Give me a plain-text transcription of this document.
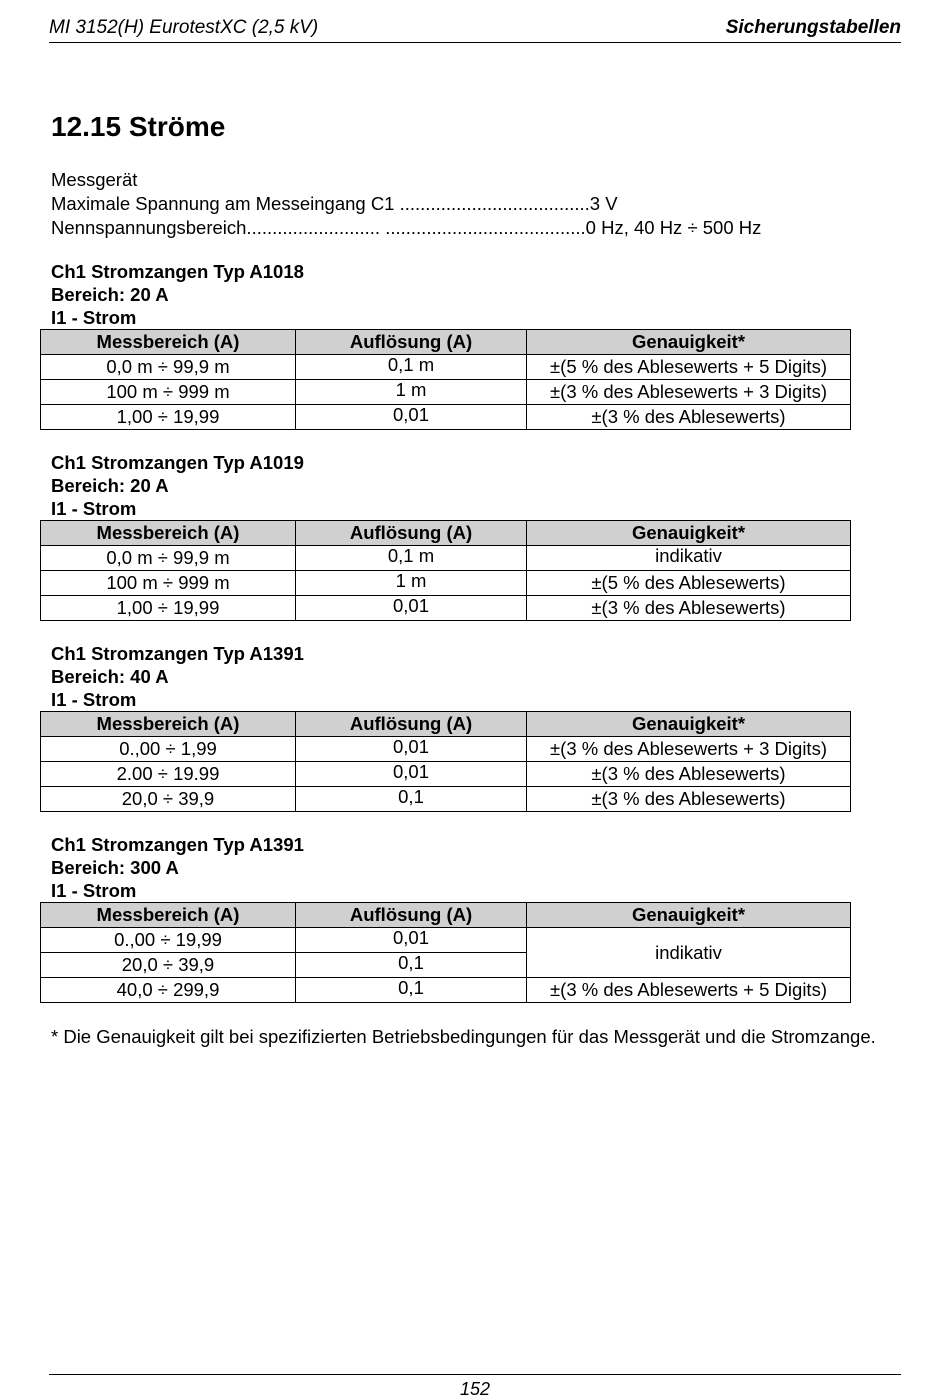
MI 3152(H) EurotestXC (2,5 kV)	Sicherungstabellen
12.15 Ströme
Messgerät
Maximale Spannung am Messeingang C1 .....................................3 V
Nennspannungsbereich.......................... .......................................0 Hz, 40 Hz ÷ 500 Hz
Ch1 Stromzangen Typ A1018
Bereich: 20 A
I1 - Strom
Messbereich (A)	Auflösung (A)	Genauigkeit*
0,0 m ÷ 99,9 m	0,1 m	±(5 % des Ablesewerts + 5 Digits)
100 m ÷ 999 m	1 m	±(3 % des Ablesewerts + 3 Digits)
1,00 ÷ 19,99	0,01	±(3 % des Ablesewerts)
Ch1 Stromzangen Typ A1019
Bereich: 20 A
I1 - Strom
Messbereich (A)	Auflösung (A)	Genauigkeit*
0,0 m ÷ 99,9 m	0,1 m	indikativ
100 m ÷ 999 m	1 m	±(5 % des Ablesewerts)
1,00 ÷ 19,99	0,01	±(3 % des Ablesewerts)
Ch1 Stromzangen Typ A1391
Bereich: 40 A
I1 - Strom
Messbereich (A)	Auflösung (A)	Genauigkeit*
0.,00 ÷ 1,99	0,01	±(3 % des Ablesewerts + 3 Digits)
2.00 ÷ 19.99	0,01	±(3 % des Ablesewerts)
20,0 ÷ 39,9	0,1	±(3 % des Ablesewerts)
Ch1 Stromzangen Typ A1391
Bereich: 300 A
I1 - Strom
Messbereich (A)	Auflösung (A)	Genauigkeit*
0.,00 ÷ 19,99	0,01	indikativ
20,0 ÷ 39,9	0,1	
40,0 ÷ 299,9	0,1	±(3 % des Ablesewerts + 5 Digits)
* Die Genauigkeit gilt bei spezifizierten Betriebsbedingungen für das Messgerät und die Stromzange.
152
